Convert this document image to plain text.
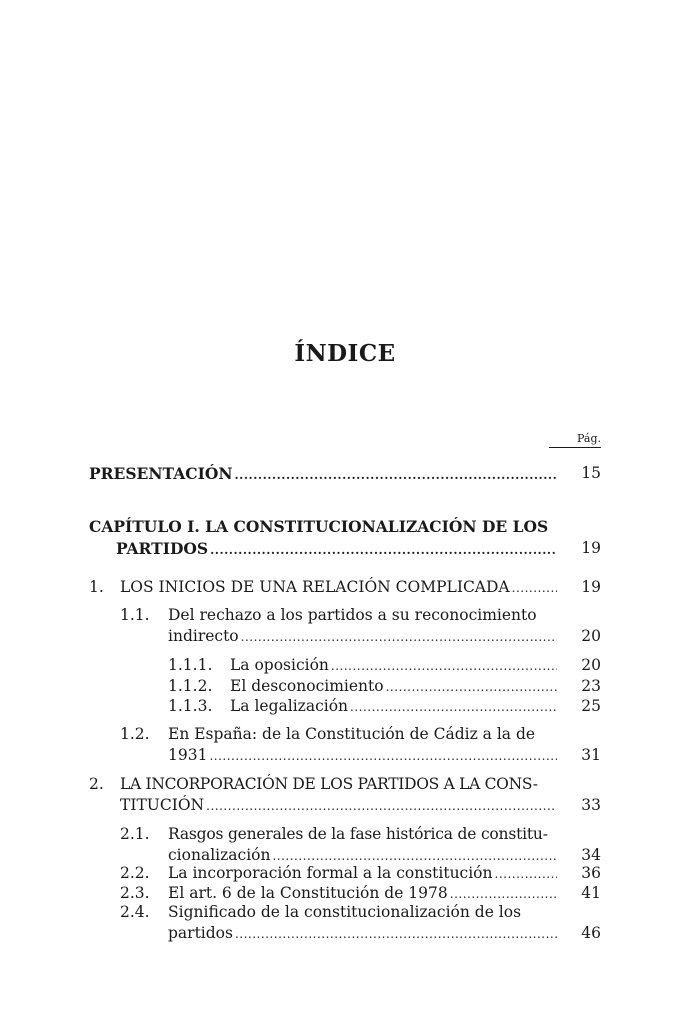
ÍNDICE
Pág.
PRESENTACIÓN .....	15
CAPÍTULO I. LA CONSTITUCIONALIZACIÓN DE LOS
PARTIDOS .....	19
1. LOS INICIOS DE UNA RELACIÓN COMPLICADA .....	19
1.1. Del rechazo a los partidos a su reconocimiento
indirecto .....	20
1.1.1. La oposición .....	20
1.1.2. El desconocimiento .....	23
1.1.3. La legalización .....	25
1.2. En España: de la Constitución de Cádiz a la de
1931 .....	31
2. LA INCORPORACIÓN DE LOS PARTIDOS A LA CONS-
TITUCIÓN .....	33
2.1. Rasgos generales de la fase histórica de constitu-
cionalización .....	34
2.2. La incorporación formal a la constitución .....	36
2.3. El art. 6 de la Constitución de 1978 .....	41
2.4. Significado de la constitucionalización de los
partidos .....	46
